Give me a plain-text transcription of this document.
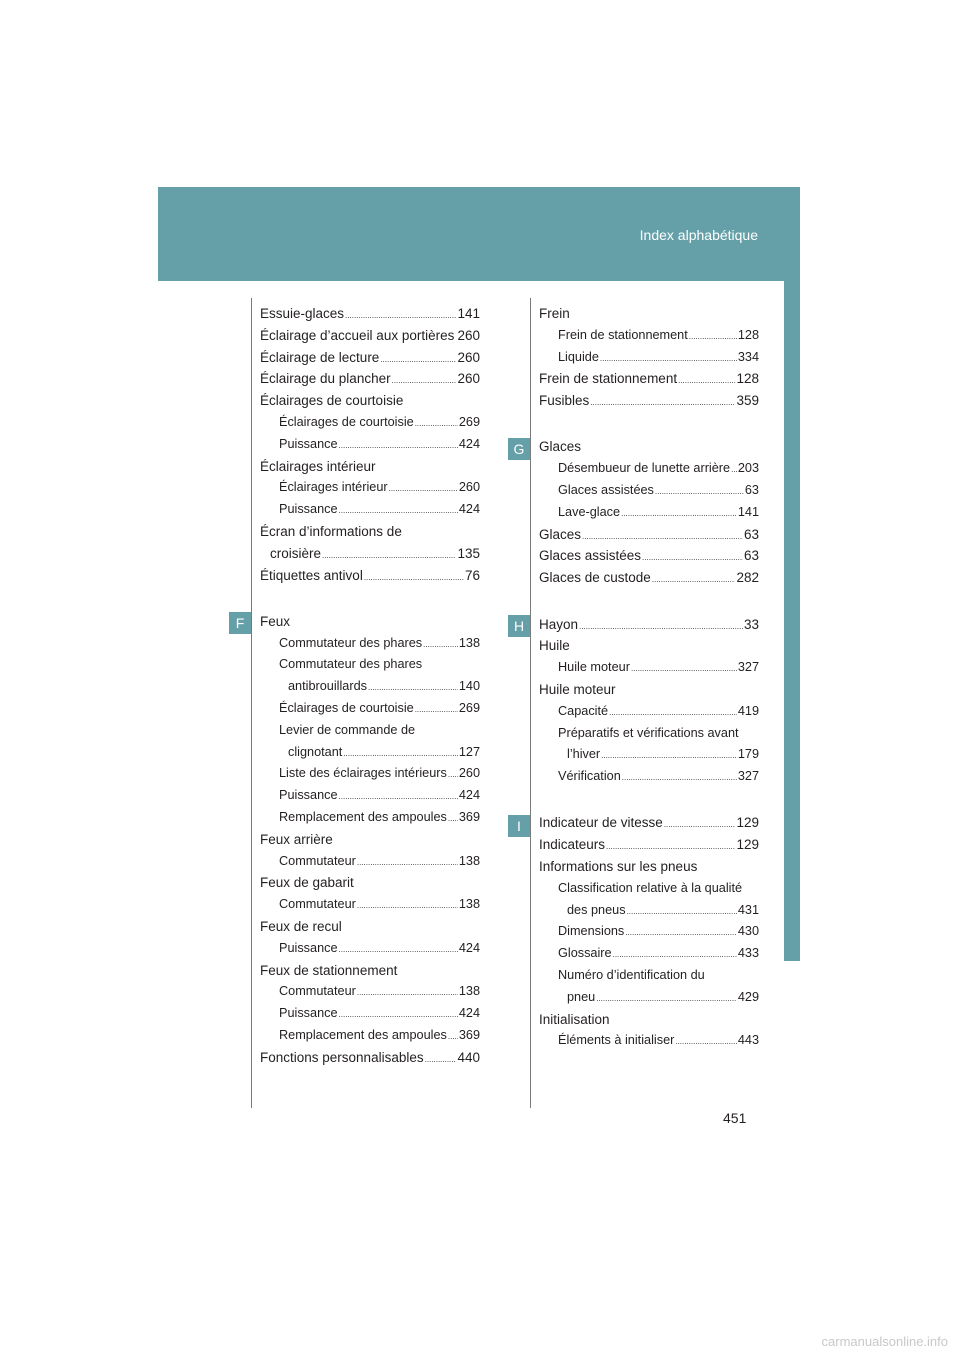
Index alphabétique
F
G
H
I
Essuie-glaces .....	141
Éclairage d’accueil aux portières ..... 260
Éclairage de lecture .....	260
Éclairage du plancher .....	260
Éclairages de courtoisie
Éclairages de courtoisie .....	269
Puissance .....	424
Éclairages intérieur
Éclairages intérieur .....	260
Puissance .....	424
Écran d’informations de
croisière .....	135
Étiquettes antivol .....	76
Feux
Commutateur des phares .....	138
Commutateur des phares
antibrouillards .....	140
Éclairages de courtoisie .....	269
Levier de commande de
clignotant .....	127
Liste des éclairages intérieurs ..... 260
Puissance .....	424
Remplacement des ampoules ..... 369
Feux arrière
Commutateur .....	138
Feux de gabarit
Commutateur .....	138
Feux de recul
Puissance .....	424
Feux de stationnement
Commutateur .....	138
Puissance .....	424
Remplacement des ampoules ..... 369
Fonctions personnalisables .....	440
Frein
Frein de stationnement .....	128
Liquide .....	334
Frein de stationnement .....	128
Fusibles .....	359
Glaces
Désembueur de lunette arrière ..... 203
Glaces assistées .....	63
Lave-glace .....	141
Glaces .....	63
Glaces assistées .....	63
Glaces de custode .....	282
Hayon .....	33
Huile
Huile moteur .....	327
Huile moteur
Capacité .....	419
Préparatifs et vérifications avant
l’hiver .....	179
Vérification .....	327
Indicateur de vitesse .....	129
Indicateurs .....	129
Informations sur les pneus
Classification relative à la qualité
des pneus .....	431
Dimensions .....	430
Glossaire .....	433
Numéro d’identification du
pneu .....	429
Initialisation
Éléments à initialiser .....	443
451
carmanualsonline.info
